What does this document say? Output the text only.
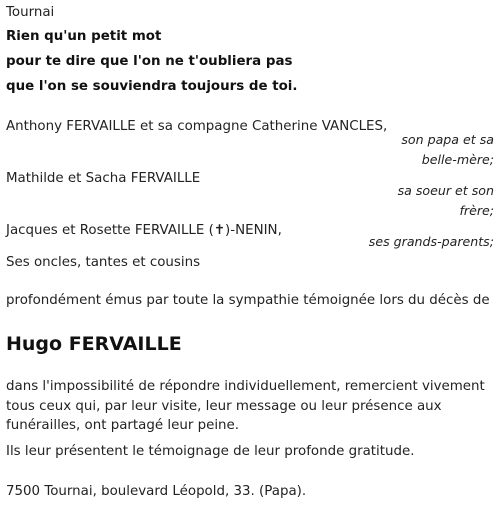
Tournai
Rien qu'un petit mot
pour te dire que l'on ne t'oubliera pas
que l'on se souviendra toujours de toi.
Anthony FERVAILLE et sa compagne Catherine VANCLES,
son papa et sa
belle-mère;
Mathilde et Sacha FERVAILLE
sa soeur et son
frère;
Jacques et Rosette FERVAILLE (✝)-NENIN,
ses grands-parents;
Ses oncles, tantes et cousins
profondément émus par toute la sympathie témoignée lors du décès de
Hugo FERVAILLE
dans l'impossibilité de répondre individuellement, remercient vivement
tous ceux qui, par leur visite, leur message ou leur présence aux
funérailles, ont partagé leur peine.
Ils leur présentent le témoignage de leur profonde gratitude.
7500 Tournai, boulevard Léopold, 33. (Papa).
